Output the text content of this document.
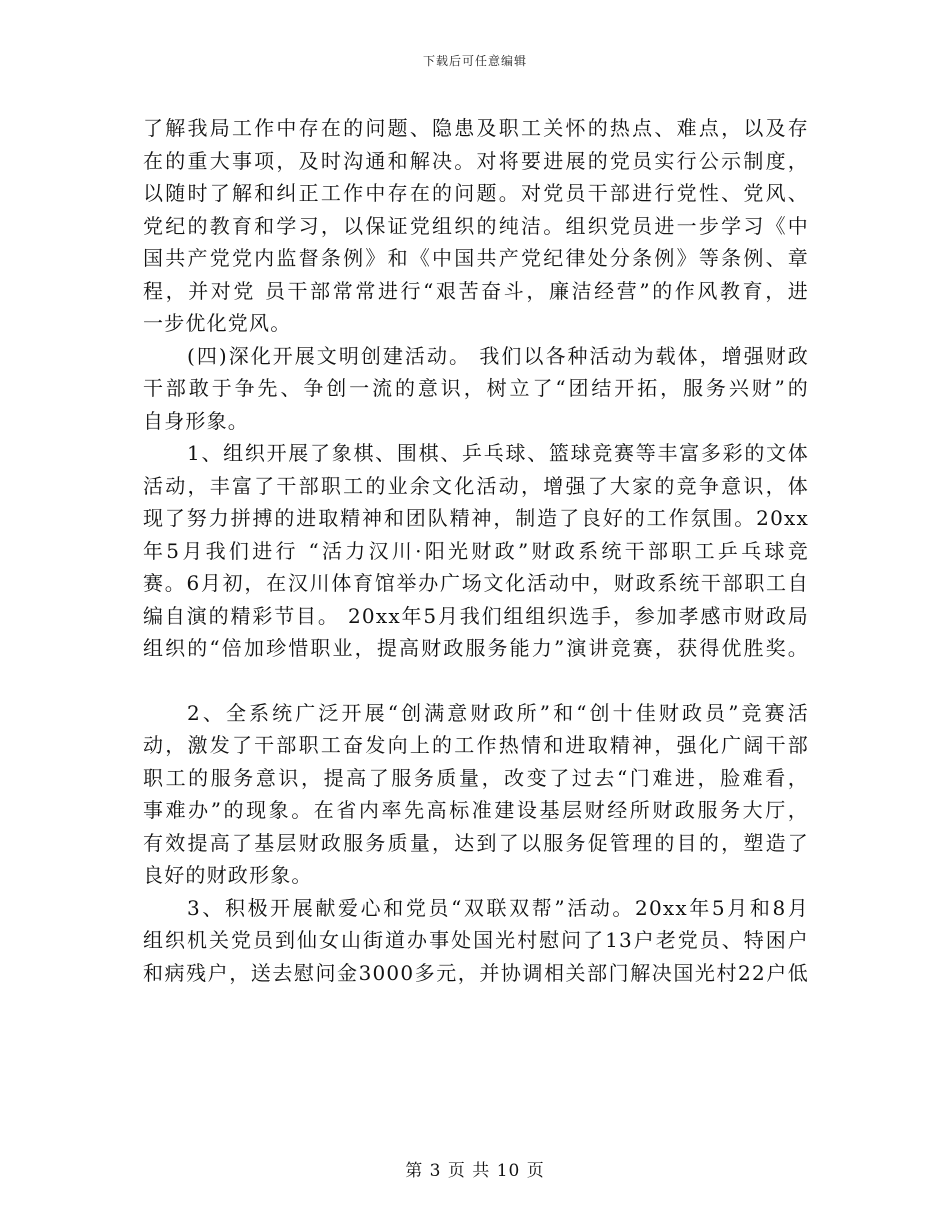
下载后可任意编辑
了解我局工作中存在的问题、隐患及职工关怀的热点、难点，以及存
在的重大事项，及时沟通和解决。对将要进展的党员实行公示制度，
以随时了解和纠正工作中存在的问题。对党员干部进行党性、党风、
党纪的教育和学习，以保证党组织的纯洁。组织党员进一步学习《中
国共产党党内监督条例》和《中国共产党纪律处分条例》等条例、章
程，并对党 员干部常常进行“艰苦奋斗，廉洁经营”的作风教育，进
一步优化党风。
(四)深化开展文明创建活动。 我们以各种活动为载体，增强财政
干部敢于争先、争创一流的意识，树立了“团结开拓，服务兴财”的
自身形象。
1、组织开展了象棋、围棋、乒乓球、篮球竞赛等丰富多彩的文体
活动，丰富了干部职工的业余文化活动，增强了大家的竞争意识，体
现了努力拼搏的进取精神和团队精神，制造了良好的工作氛围。20xx
年5月我们进行 “活力汉川·阳光财政”财政系统干部职工乒乓球竞
赛。6月初，在汉川体育馆举办广场文化活动中，财政系统干部职工自
编自演的精彩节目。 20xx年5月我们组组织选手，参加孝感市财政局
组织的“倍加珍惜职业，提高财政服务能力”演讲竞赛，获得优胜奖。
2、全系统广泛开展“创满意财政所”和“创十佳财政员”竞赛活
动，激发了干部职工奋发向上的工作热情和进取精神，强化广阔干部
职工的服务意识，提高了服务质量，改变了过去“门难进，脸难看，
事难办”的现象。在省内率先高标准建设基层财经所财政服务大厅，
有效提高了基层财政服务质量，达到了以服务促管理的目的，塑造了
良好的财政形象。
3、积极开展献爱心和党员“双联双帮”活动。20xx年5月和8月
组织机关党员到仙女山街道办事处国光村慰问了13户老党员、特困户
和病残户，送去慰问金3000多元，并协调相关部门解决国光村22户低
第 3 页 共 10 页
